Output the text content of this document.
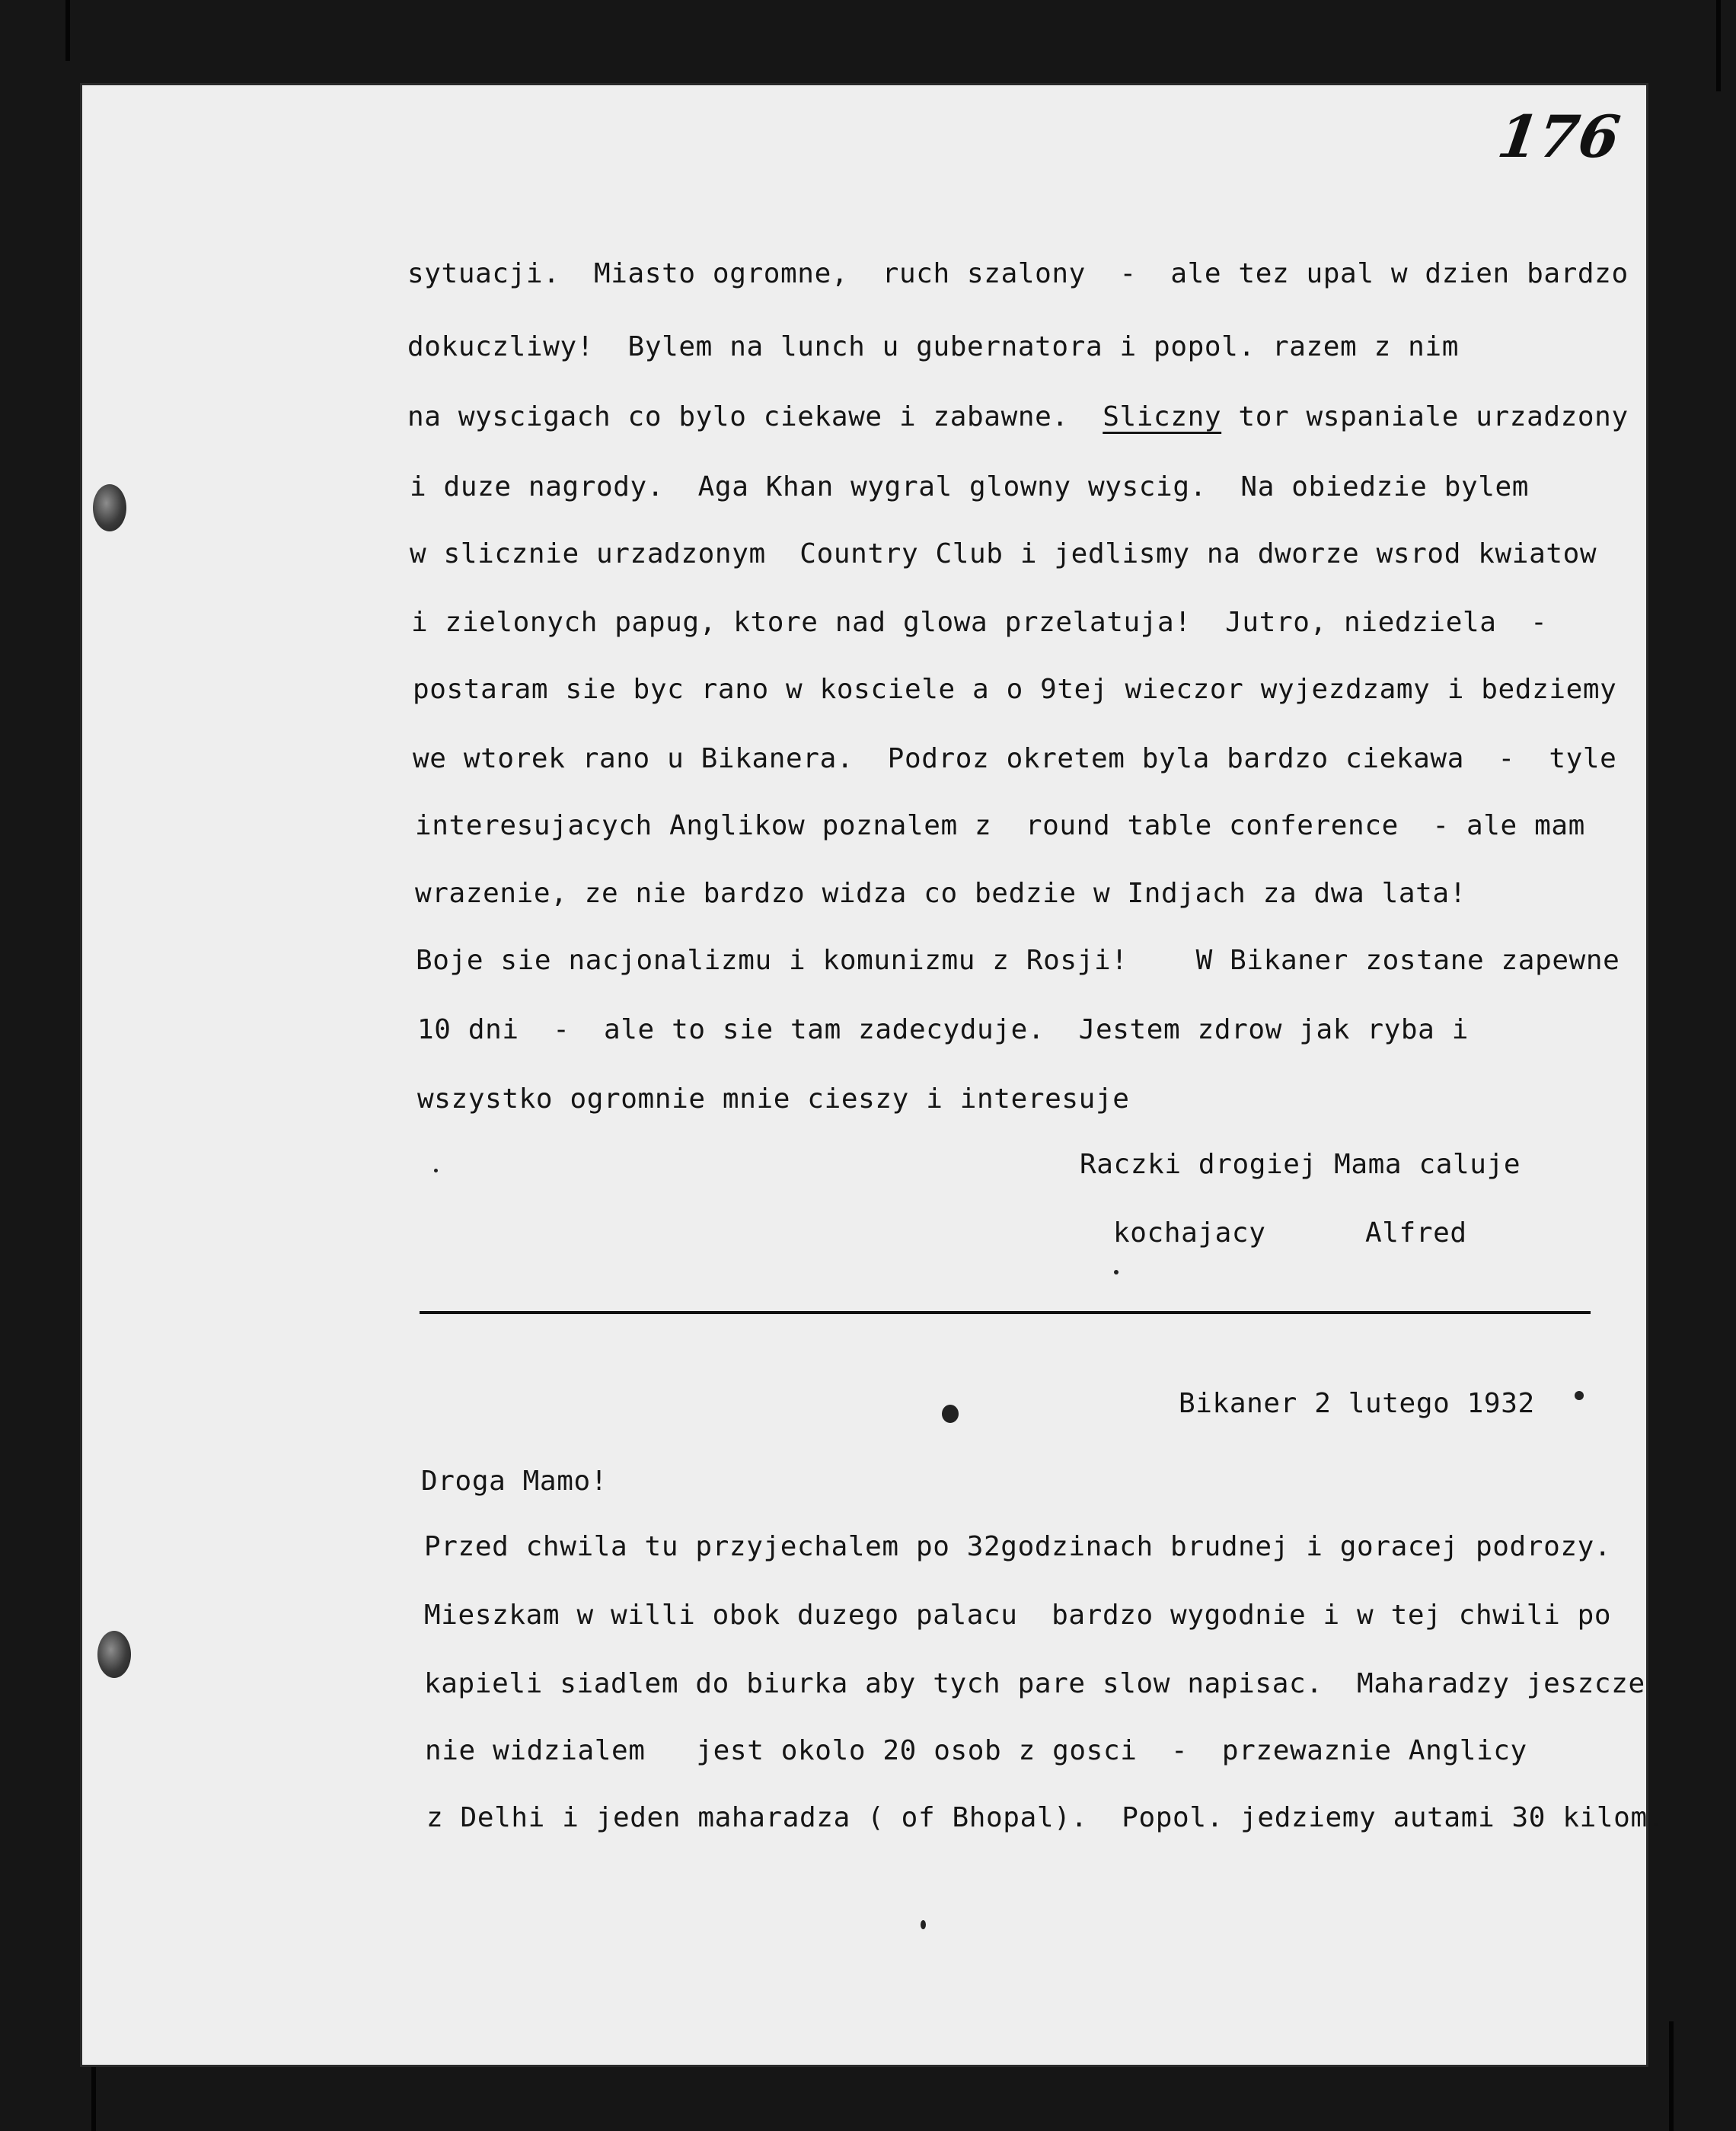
176

sytuacji.  Miasto ogromne,  ruch szalony  -  ale tez upal w dzien bardzo

dokuczliwy!  Bylem na lunch u gubernatora i popol. razem z nim

na wyscigach co bylo ciekawe i zabawne.  Sliczny tor wspaniale urzadzony

i duze nagrody.  Aga Khan wygral glowny wyscig.  Na obiedzie bylem

w slicznie urzadzonym  Country Club i jedlismy na dworze wsrod kwiatow

i zielonych papug, ktore nad glowa przelatuja!  Jutro, niedziela  -

postaram sie byc rano w kosciele a o 9tej wieczor wyjezdzamy i bedziemy

we wtorek rano u Bikanera.  Podroz okretem byla bardzo ciekawa  -  tyle

interesujacych Anglikow poznalem z  round table conference  - ale mam

wrazenie, ze nie bardzo widza co bedzie w Indjach za dwa lata!

Boje sie nacjonalizmu i komunizmu z Rosji!    W Bikaner zostane zapewne

10 dni  -  ale to sie tam zadecyduje.  Jestem zdrow jak ryba i

wszystko ogromnie mnie cieszy i interesuje

Raczki drogiej Mama caluje

kochajacy	Alfred

Bikaner 2 lutego 1932

Droga Mamo!

Przed chwila tu przyjechalem po 32godzinach brudnej i goracej podrozy.

Mieszkam w willi obok duzego palacu  bardzo wygodnie i w tej chwili po

kapieli siadlem do biurka aby tych pare slow napisac.  Maharadzy jeszcze

nie widzialem   jest okolo 20 osob z gosci  -  przewaznie Anglicy

z Delhi i jeden maharadza ( of Bhopal).  Popol. jedziemy autami 30 kilom.
